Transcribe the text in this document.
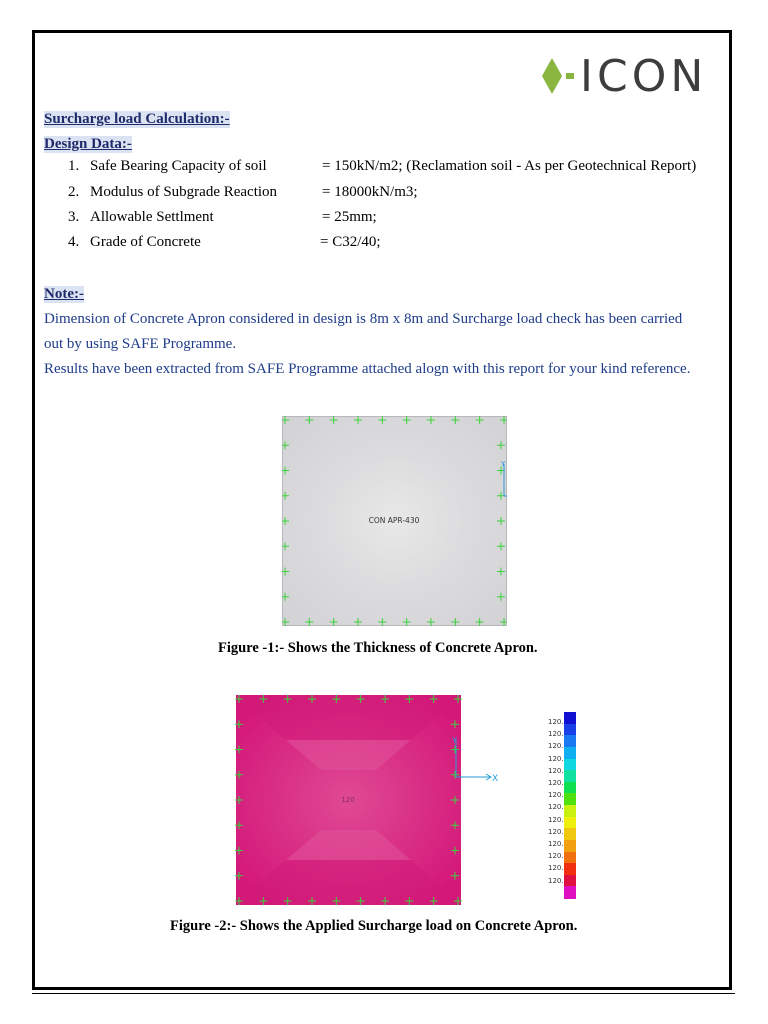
ICON
Surcharge load Calculation:-
Design Data:-
1. Safe Bearing Capacity of soil	= 150kN/m2; (Reclamation soil - As per Geotechnical Report)
2. Modulus of Subgrade Reaction	= 18000kN/m3;
3. Allowable Settlment	= 25mm;
4. Grade of Concrete	= C32/40;
Note:-
Dimension of Concrete Apron considered in design is 8m x 8m and Surcharge load check has been carried
out by using SAFE Programme.
Results have been extracted from SAFE Programme attached alogn with this report for your kind reference.
Y
CON APR-430
Figure -1:- Shows the Thickness of Concrete Apron.
Y
X
120
120.
120.
120.
120.
120.
120.
120.
120.
120.
120.
120.
120.
120.
120.
Figure -2:- Shows the Applied Surcharge load on Concrete Apron.
